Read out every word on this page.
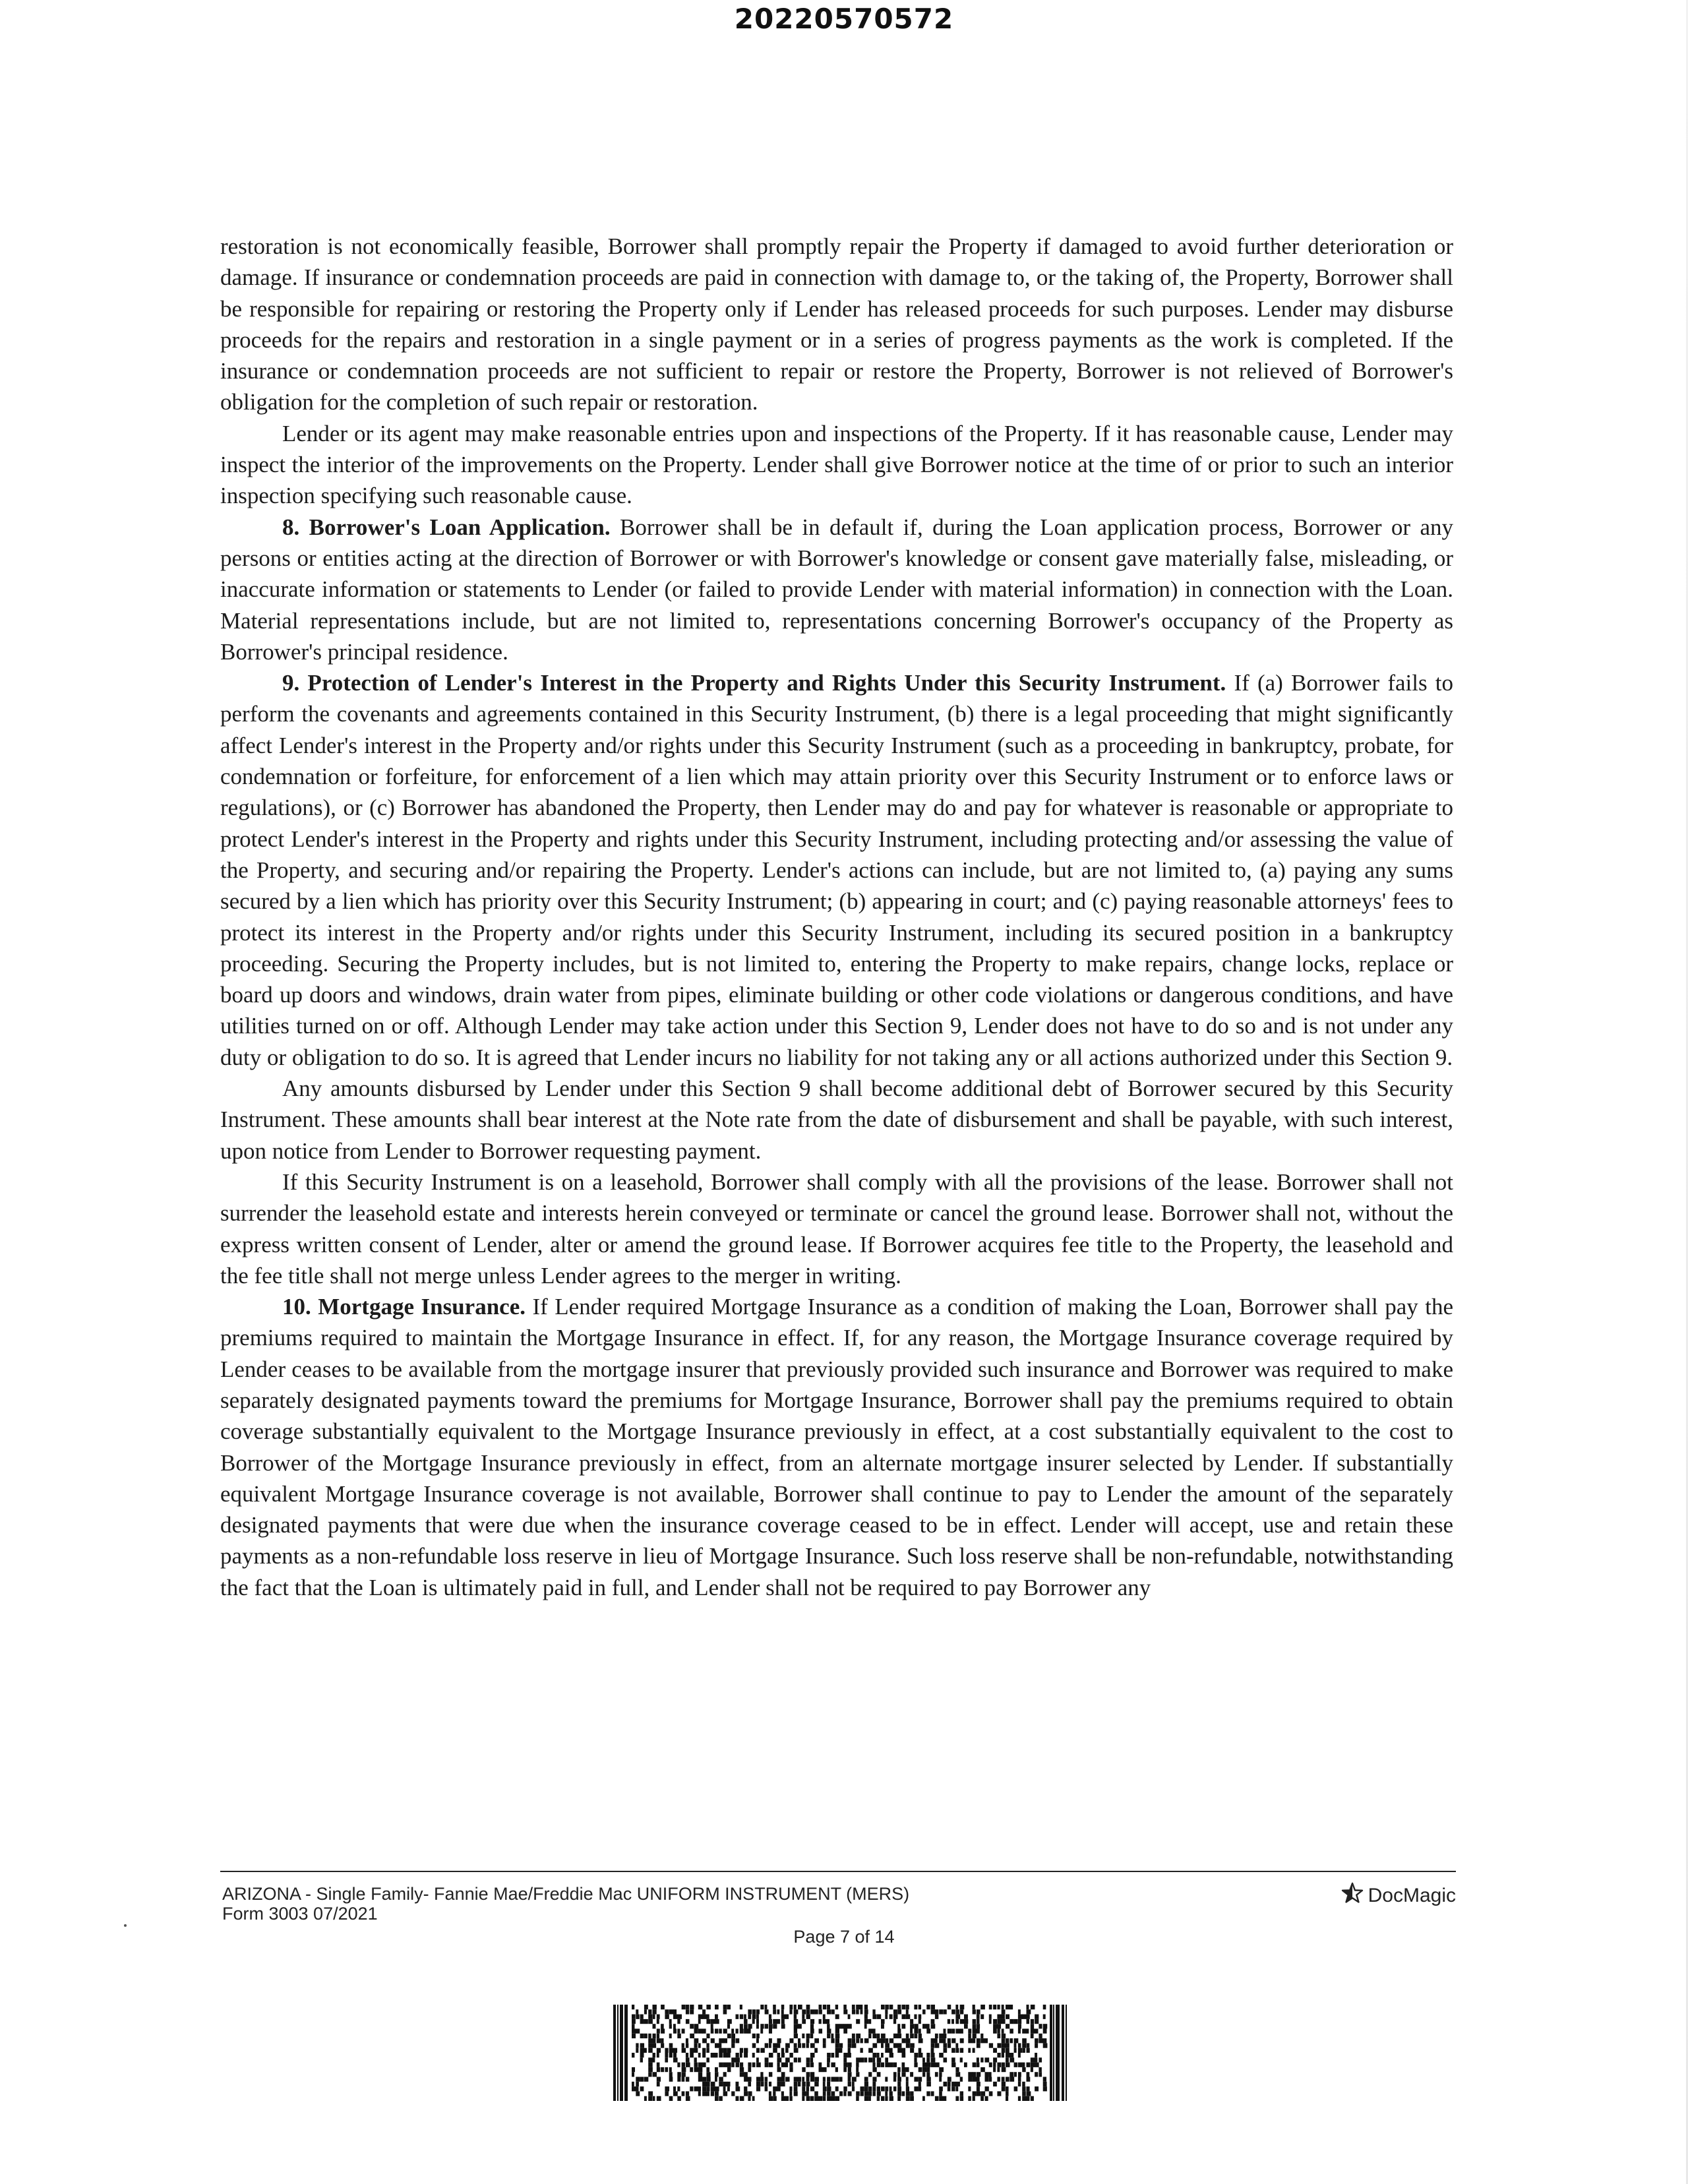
20220570572

restoration is not economically feasible, Borrower shall promptly repair the Property if damaged to avoid further deterioration or damage. If insurance or condemnation proceeds are paid in connection with damage to, or the taking of, the Property, Borrower shall be responsible for repairing or restoring the Property only if Lender has released proceeds for such purposes. Lender may disburse proceeds for the repairs and restoration in a single payment or in a series of progress payments as the work is completed. If the insurance or condemnation proceeds are not sufficient to repair or restore the Property, Borrower is not relieved of Borrower's obligation for the completion of such repair or restoration.

Lender or its agent may make reasonable entries upon and inspections of the Property. If it has reasonable cause, Lender may inspect the interior of the improvements on the Property. Lender shall give Borrower notice at the time of or prior to such an interior inspection specifying such reasonable cause.

8. Borrower's Loan Application. Borrower shall be in default if, during the Loan application process, Borrower or any persons or entities acting at the direction of Borrower or with Borrower's knowledge or consent gave materially false, misleading, or inaccurate information or statements to Lender (or failed to provide Lender with material information) in connection with the Loan. Material representations include, but are not limited to, representations concerning Borrower's occupancy of the Property as Borrower's principal residence.

9. Protection of Lender's Interest in the Property and Rights Under this Security Instrument. If (a) Borrower fails to perform the covenants and agreements contained in this Security Instrument, (b) there is a legal proceeding that might significantly affect Lender's interest in the Property and/or rights under this Security Instrument (such as a proceeding in bankruptcy, probate, for condemnation or forfeiture, for enforcement of a lien which may attain priority over this Security Instrument or to enforce laws or regulations), or (c) Borrower has abandoned the Property, then Lender may do and pay for whatever is reasonable or appropriate to protect Lender's interest in the Property and rights under this Security Instrument, including protecting and/or assessing the value of the Property, and securing and/or repairing the Property. Lender's actions can include, but are not limited to, (a) paying any sums secured by a lien which has priority over this Security Instrument; (b) appearing in court; and (c) paying reasonable attorneys' fees to protect its interest in the Property and/or rights under this Security Instrument, including its secured position in a bankruptcy proceeding. Securing the Property includes, but is not limited to, entering the Property to make repairs, change locks, replace or board up doors and windows, drain water from pipes, eliminate building or other code violations or dangerous conditions, and have utilities turned on or off. Although Lender may take action under this Section 9, Lender does not have to do so and is not under any duty or obligation to do so. It is agreed that Lender incurs no liability for not taking any or all actions authorized under this Section 9.

Any amounts disbursed by Lender under this Section 9 shall become additional debt of Borrower secured by this Security Instrument. These amounts shall bear interest at the Note rate from the date of disbursement and shall be payable, with such interest, upon notice from Lender to Borrower requesting payment.

If this Security Instrument is on a leasehold, Borrower shall comply with all the provisions of the lease. Borrower shall not surrender the leasehold estate and interests herein conveyed or terminate or cancel the ground lease. Borrower shall not, without the express written consent of Lender, alter or amend the ground lease. If Borrower acquires fee title to the Property, the leasehold and the fee title shall not merge unless Lender agrees to the merger in writing.

10. Mortgage Insurance. If Lender required Mortgage Insurance as a condition of making the Loan, Borrower shall pay the premiums required to maintain the Mortgage Insurance in effect. If, for any reason, the Mortgage Insurance coverage required by Lender ceases to be available from the mortgage insurer that previously provided such insurance and Borrower was required to make separately designated payments toward the premiums for Mortgage Insurance, Borrower shall pay the premiums required to obtain coverage substantially equivalent to the Mortgage Insurance previously in effect, at a cost substantially equivalent to the cost to Borrower of the Mortgage Insurance previously in effect, from an alternate mortgage insurer selected by Lender. If substantially equivalent Mortgage Insurance coverage is not available, Borrower shall continue to pay to Lender the amount of the separately designated payments that were due when the insurance coverage ceased to be in effect. Lender will accept, use and retain these payments as a non-refundable loss reserve in lieu of Mortgage Insurance. Such loss reserve shall be non-refundable, notwithstanding the fact that the Loan is ultimately paid in full, and Lender shall not be required to pay Borrower any

ARIZONA - Single Family- Fannie Mae/Freddie Mac UNIFORM INSTRUMENT (MERS)
Form 3003 07/2021
DocMagic
Page 7 of 14
